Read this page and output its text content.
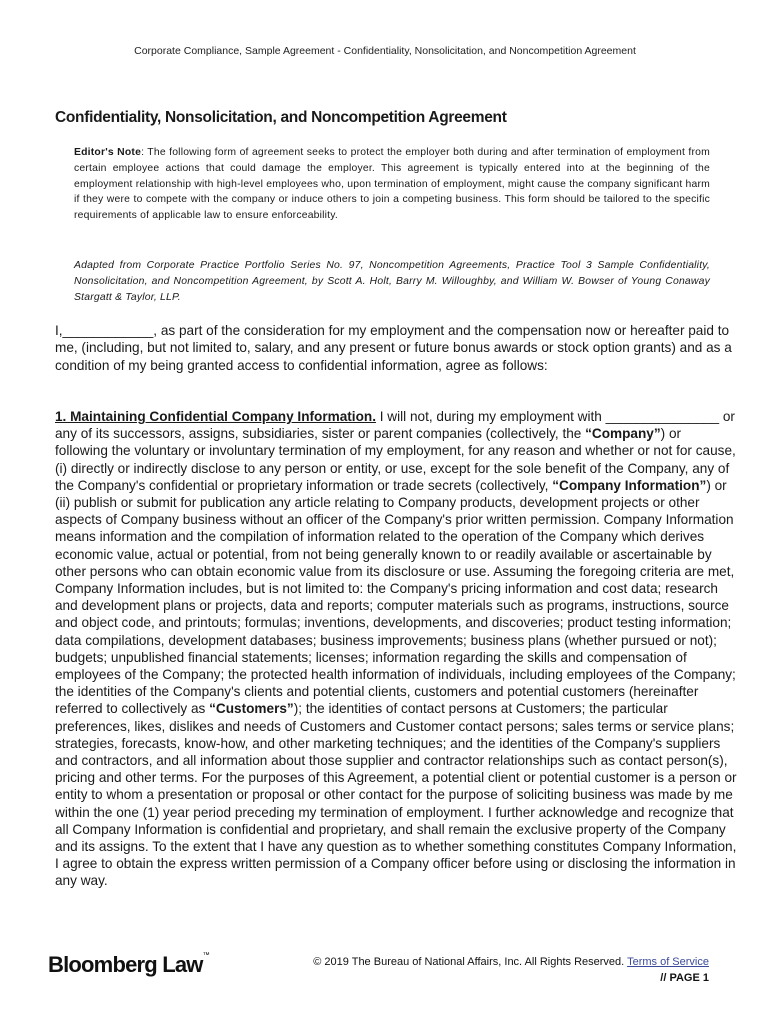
Corporate Compliance, Sample Agreement - Confidentiality, Nonsolicitation, and Noncompetition Agreement
Confidentiality, Nonsolicitation, and Noncompetition Agreement
Editor's Note: The following form of agreement seeks to protect the employer both during and after termination of employment from certain employee actions that could damage the employer. This agreement is typically entered into at the beginning of the employment relationship with high-level employees who, upon termination of employment, might cause the company significant harm if they were to compete with the company or induce others to join a competing business. This form should be tailored to the specific requirements of applicable law to ensure enforceability.
Adapted from Corporate Practice Portfolio Series No. 97, Noncompetition Agreements, Practice Tool 3 Sample Confidentiality, Nonsolicitation, and Noncompetition Agreement, by Scott A. Holt, Barry M. Willoughby, and William W. Bowser of Young Conaway Stargatt & Taylor, LLP.
I,____________, as part of the consideration for my employment and the compensation now or hereafter paid to me, (including, but not limited to, salary, and any present or future bonus awards or stock option grants) and as a condition of my being granted access to confidential information, agree as follows:
1. Maintaining Confidential Company Information. I will not, during my employment with _______________ or any of its successors, assigns, subsidiaries, sister or parent companies (collectively, the “Company”) or following the voluntary or involuntary termination of my employment, for any reason and whether or not for cause, (i) directly or indirectly disclose to any person or entity, or use, except for the sole benefit of the Company, any of the Company's confidential or proprietary information or trade secrets (collectively, “Company Information”) or (ii) publish or submit for publication any article relating to Company products, development projects or other aspects of Company business without an officer of the Company's prior written permission. Company Information means information and the compilation of information related to the operation of the Company which derives economic value, actual or potential, from not being generally known to or readily available or ascertainable by other persons who can obtain economic value from its disclosure or use. Assuming the foregoing criteria are met, Company Information includes, but is not limited to: the Company's pricing information and cost data; research and development plans or projects, data and reports; computer materials such as programs, instructions, source and object code, and printouts; formulas; inventions, developments, and discoveries; product testing information; data compilations, development databases; business improvements; business plans (whether pursued or not); budgets; unpublished financial statements; licenses; information regarding the skills and compensation of employees of the Company; the protected health information of individuals, including employees of the Company; the identities of the Company's clients and potential clients, customers and potential customers (hereinafter referred to collectively as “Customers”); the identities of contact persons at Customers; the particular preferences, likes, dislikes and needs of Customers and Customer contact persons; sales terms or service plans; strategies, forecasts, know-how, and other marketing techniques; and the identities of the Company's suppliers and contractors, and all information about those supplier and contractor relationships such as contact person(s), pricing and other terms. For the purposes of this Agreement, a potential client or potential customer is a person or entity to whom a presentation or proposal or other contact for the purpose of soliciting business was made by me within the one (1) year period preceding my termination of employment. I further acknowledge and recognize that all Company Information is confidential and proprietary, and shall remain the exclusive property of the Company and its assigns. To the extent that I have any question as to whether something constitutes Company Information, I agree to obtain the express written permission of a Company officer before using or disclosing the information in any way.
Bloomberg Law™
© 2019 The Bureau of National Affairs, Inc. All Rights Reserved. Terms of Service
// PAGE 1
